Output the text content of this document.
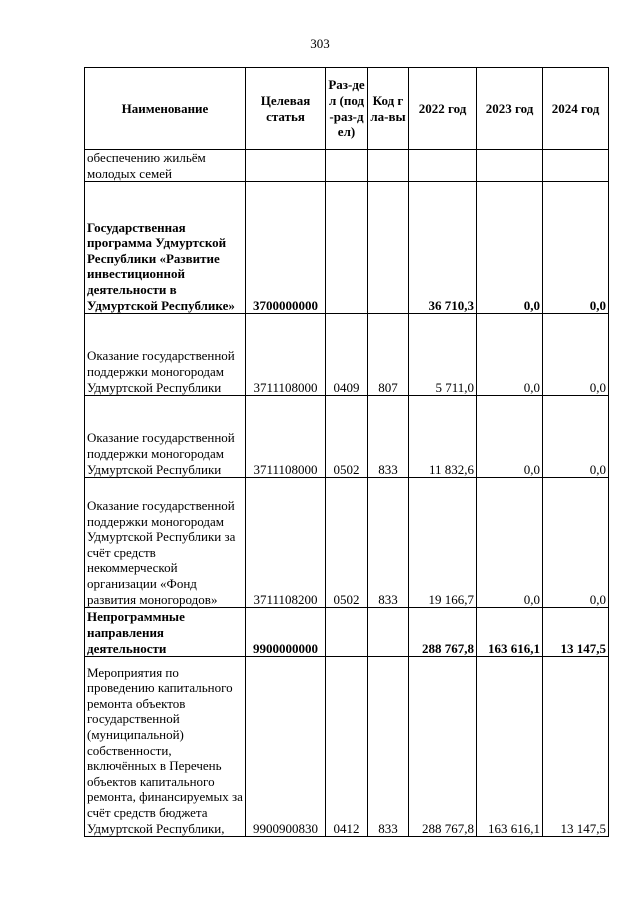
303
Наименование	Целевая статья	Раз-дел (под-раз-дел)	Код гла-вы	2022 год	2023 год	2024 год
обеспечению жильём молодых семей						
Государственная программа Удмуртской Республики «Развитие инвестиционной деятельности в Удмуртской Республике»	3700000000			36 710,3	0,0	0,0
Оказание государственной поддержки моногородам Удмуртской Республики	3711108000	0409	807	5 711,0	0,0	0,0
Оказание государственной поддержки моногородам Удмуртской Республики	3711108000	0502	833	11 832,6	0,0	0,0
Оказание государственной поддержки моногородам Удмуртской Республики за счёт средств некоммерческой организации «Фонд развития моногородов»	3711108200	0502	833	19 166,7	0,0	0,0
Непрограммные направления деятельности	9900000000			288 767,8	163 616,1	13 147,5
Мероприятия по проведению капитального ремонта объектов государственной (муниципальной) собственности, включённых в Перечень объектов капитального ремонта, финансируемых за счёт средств бюджета Удмуртской Республики,	9900900830	0412	833	288 767,8	163 616,1	13 147,5
